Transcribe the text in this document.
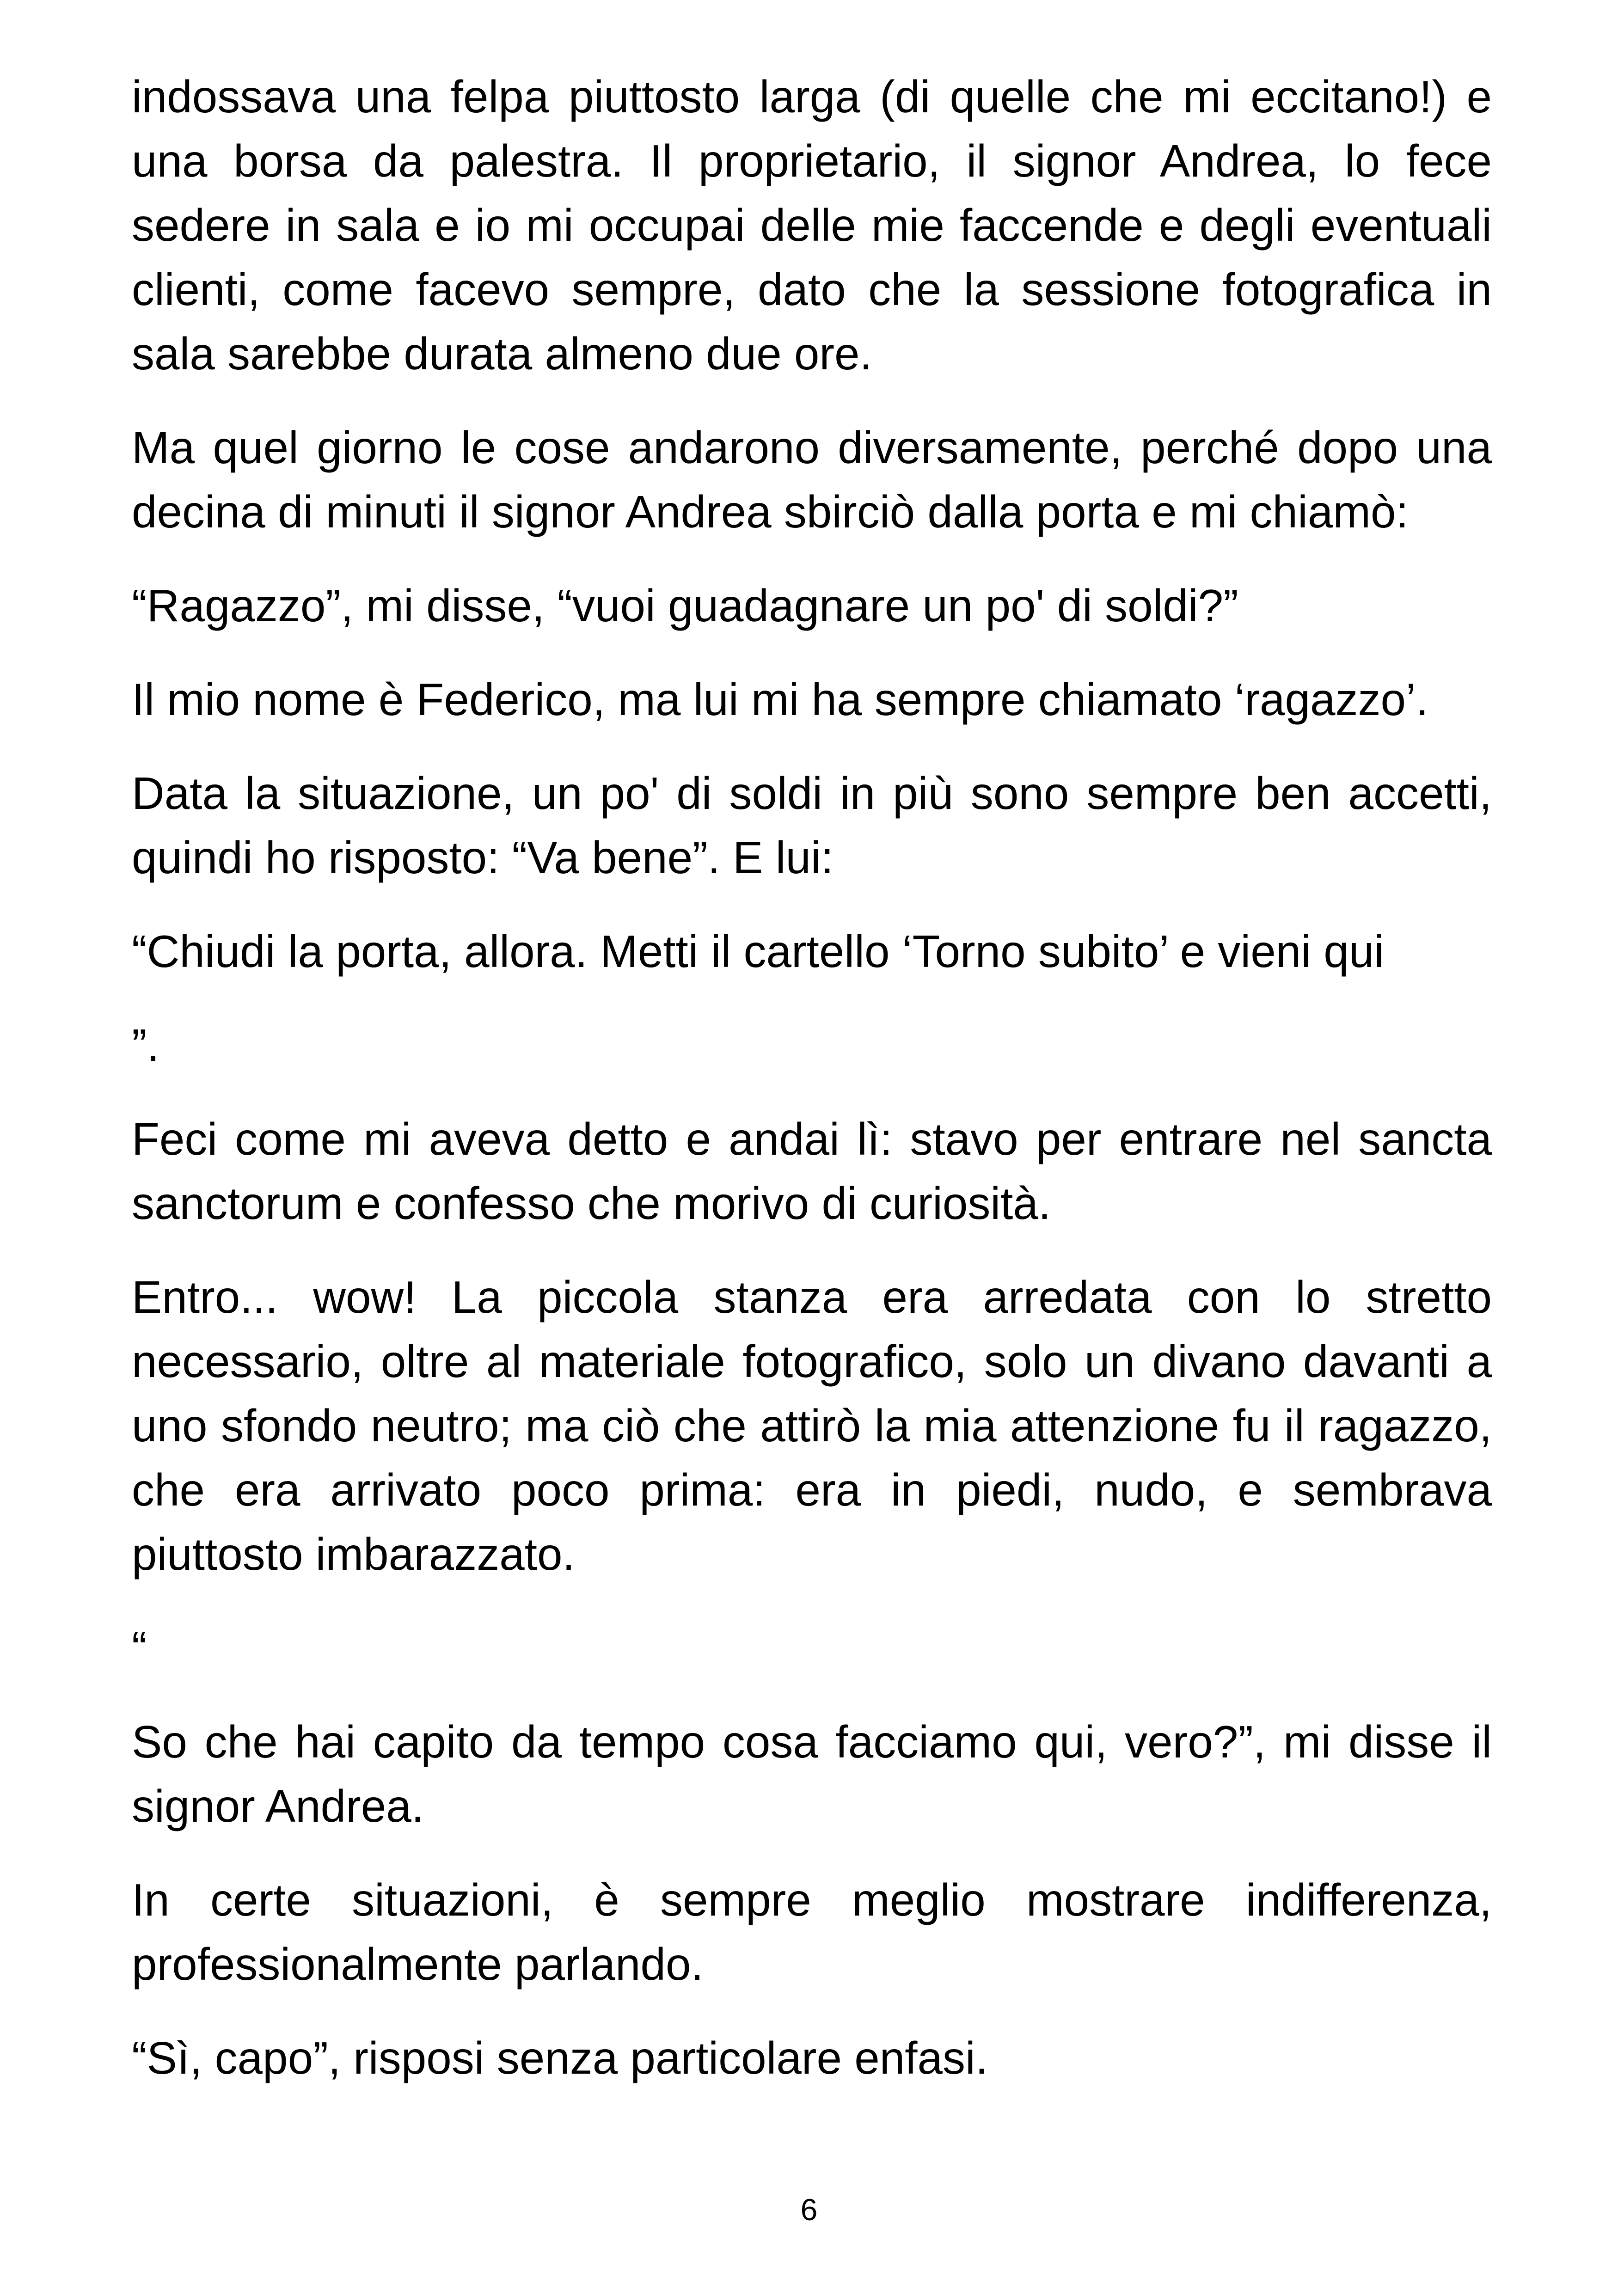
indossava una felpa piuttosto larga (di quelle che mi eccitano!) e una borsa da palestra. Il proprietario, il signor Andrea, lo fece sedere in sala e io mi occupai delle mie faccende e degli eventuali clienti, come facevo sempre, dato che la sessione fotografica in sala sarebbe durata almeno due ore.

Ma quel giorno le cose andarono diversamente, perché dopo una decina di minuti il signor Andrea sbirciò dalla porta e mi chiamò:

“Ragazzo”, mi disse, “vuoi guadagnare un po' di soldi?”

Il mio nome è Federico, ma lui mi ha sempre chiamato ‘ragazzo’.

Data la situazione, un po' di soldi in più sono sempre ben accetti, quindi ho risposto: “Va bene”. E lui:

“Chiudi la porta, allora. Metti il cartello ‘Torno subito’ e vieni qui

”.

Feci come mi aveva detto e andai lì: stavo per entrare nel sancta sanctorum e confesso che morivo di curiosità.

Entro... wow! La piccola stanza era arredata con lo stretto necessario, oltre al materiale fotografico, solo un divano davanti a uno sfondo neutro; ma ciò che attirò la mia attenzione fu il ragazzo, che era arrivato poco prima: era in piedi, nudo, e sembrava piuttosto imbarazzato.

“

So che hai capito da tempo cosa facciamo qui, vero?”, mi disse il signor Andrea.

In certe situazioni, è sempre meglio mostrare indifferenza, professionalmente parlando.

“Sì, capo”, risposi senza particolare enfasi.

6
